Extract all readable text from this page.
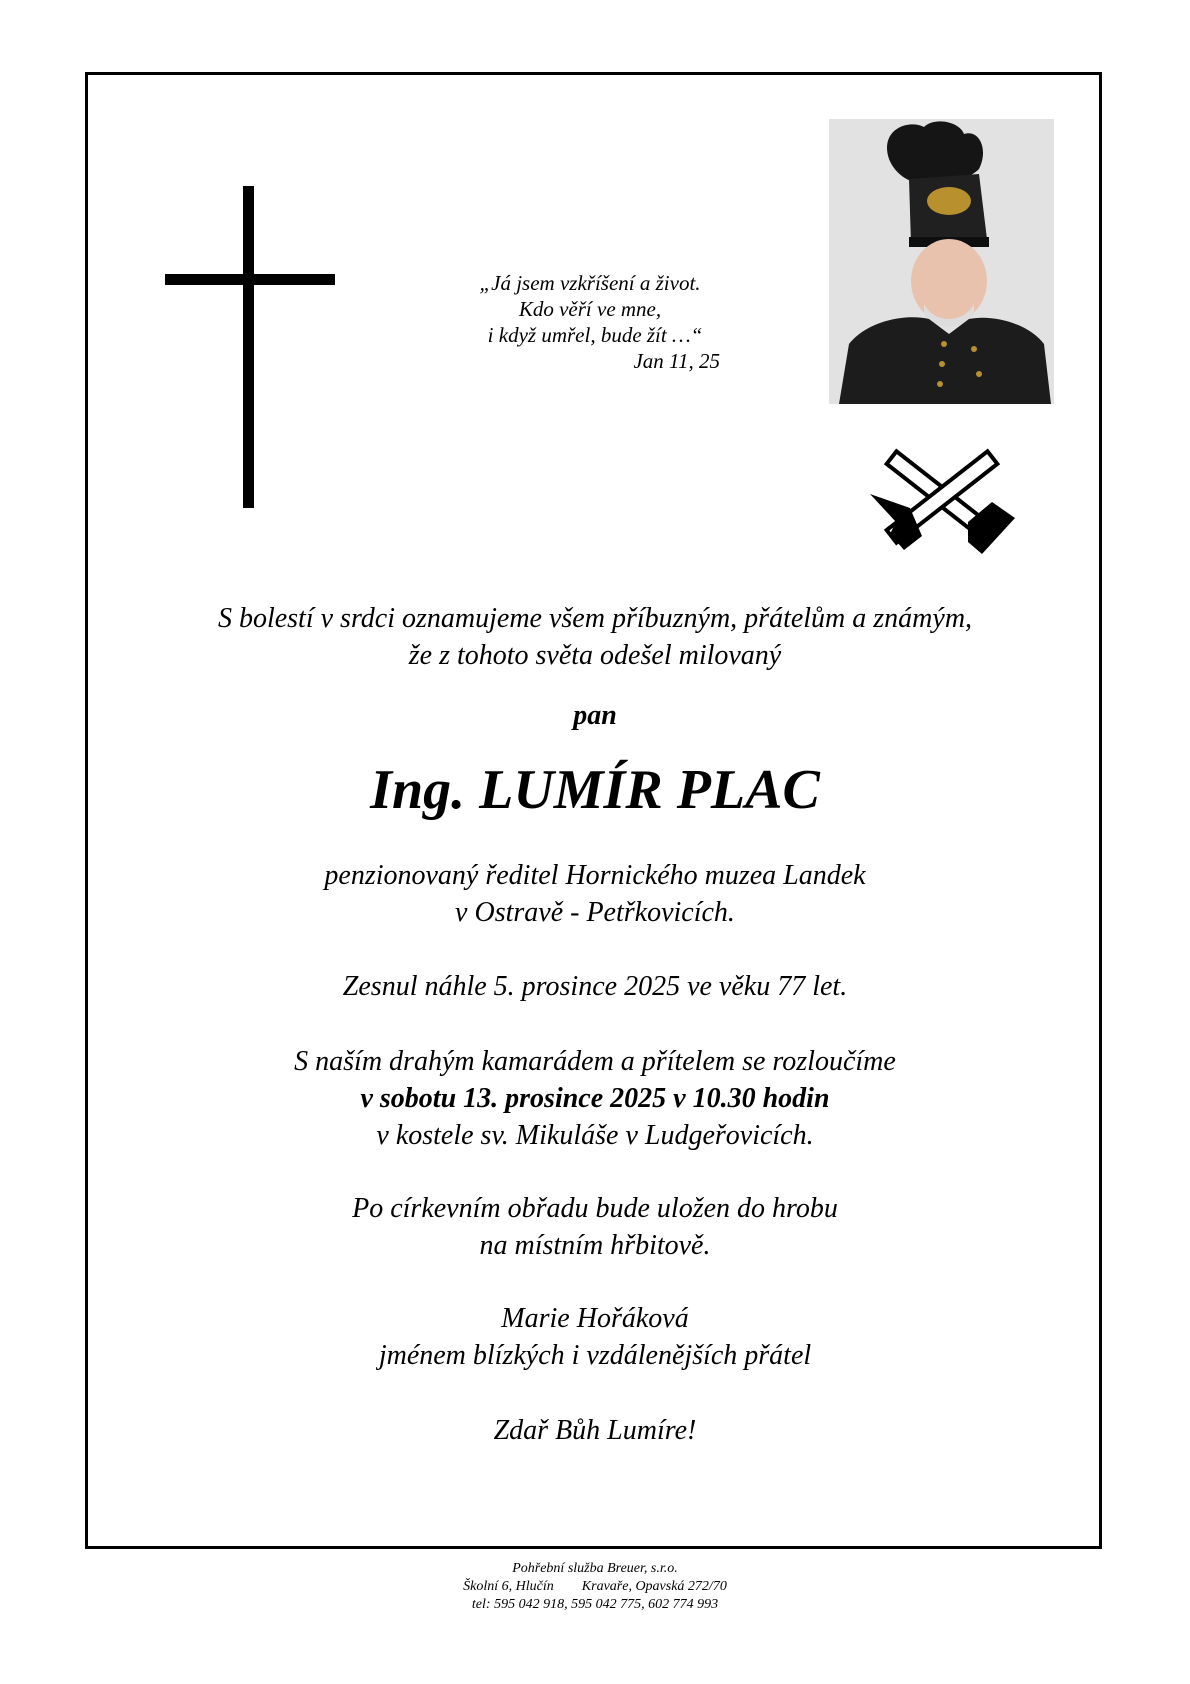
„Já jsem vzkříšení a život.
Kdo věří ve mne,
i když umřel, bude žít …“
Jan 11, 25
S bolestí v srdci oznamujeme všem příbuzným, přátelům a známým,
že z tohoto světa odešel milovaný
pan
Ing. LUMÍR PLAC
penzionovaný ředitel Hornického muzea Landek
v Ostravě - Petřkovicích.
Zesnul náhle 5. prosince 2025 ve věku 77 let.
S naším drahým kamarádem a přítelem se rozloučíme
v sobotu 13. prosince 2025 v 10.30 hodin
v kostele sv. Mikuláše v Ludgeřovicích.
Po církevním obřadu bude uložen do hrobu
na místním hřbitově.
Marie Hořáková
jménem blízkých i vzdálenějších přátel
Zdař Bůh Lumíre!
Pohřební služba Breuer, s.r.o.
Školní 6, Hlučín Kravaře, Opavská 272/70
tel: 595 042 918, 595 042 775, 602 774 993
